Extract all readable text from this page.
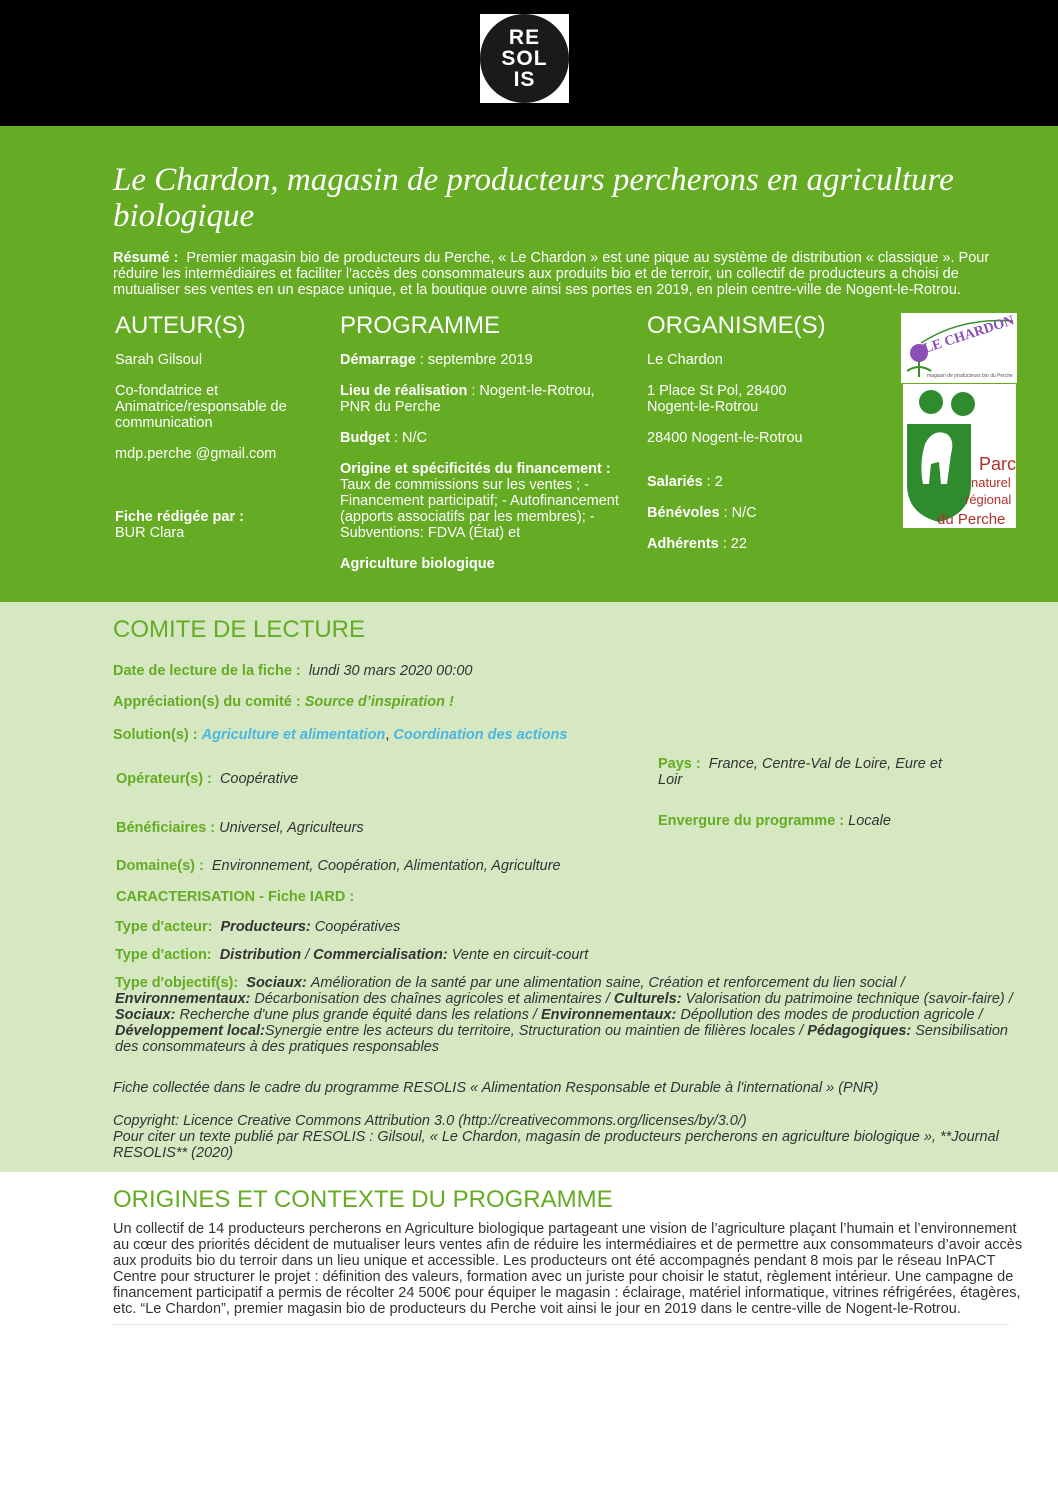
RE
SOL
IS
Le Chardon, magasin de producteurs percherons en agriculture biologique
Résumé : Premier magasin bio de producteurs du Perche, « Le Chardon » est une pique au système de distribution « classique ». Pour réduire les intermédiaires et faciliter l'accès des consommateurs aux produits bio et de terroir, un collectif de producteurs a choisi de mutualiser ses ventes en un espace unique, et la boutique ouvre ainsi ses portes en 2019, en plein centre-ville de Nogent-le-Rotrou.
AUTEUR(S)

Sarah Gilsoul

Co-fondatrice et Animatrice/responsable de communication

mdp.perche @gmail.com

Fiche rédigée par :
BUR Clara

PROGRAMME

Démarrage : septembre 2019

Lieu de réalisation : Nogent-le-Rotrou, PNR du Perche

Budget : N/C

Origine et spécificités du financement :
Taux de commissions sur les ventes ; - Financement participatif; - Autofinancement (apports associatifs par les membres); - Subventions: FDVA (État) et

Agriculture biologique

ORGANISME(S)

Le Chardon

1 Place St Pol, 28400 Nogent-le-Rotrou

28400 Nogent-le-Rotrou

Salariés : 2

Bénévoles : N/C

Adhérents : 22

LE CHARDON
magasin de producteurs bio du Perche
Parc
naturel
régional
du Perche
COMITE DE LECTURE
Date de lecture de la fiche : lundi 30 mars 2020 00:00
Appréciation(s) du comité : Source d’inspiration !
Solution(s) : Agriculture et alimentation, Coordination des actions
Opérateur(s) : Coopérative
Pays : France, Centre-Val de Loire, Eure et Loir
Bénéficiaires : Universel, Agriculteurs	Envergure du programme : Locale
Domaine(s) : Environnement, Coopération, Alimentation, Agriculture
CARACTERISATION - Fiche IARD :
Type d'acteur: Producteurs: Coopératives
Type d'action: Distribution / Commercialisation: Vente en circuit-court
Type d'objectif(s): Sociaux: Amélioration de la santé par une alimentation saine, Création et renforcement du lien social / Environnementaux: Décarbonisation des chaînes agricoles et alimentaires / Culturels: Valorisation du patrimoine technique (savoir-faire) / Sociaux: Recherche d'une plus grande équité dans les relations / Environnementaux: Dépollution des modes de production agricole / Développement local:Synergie entre les acteurs du territoire, Structuration ou maintien de filières locales / Pédagogiques: Sensibilisation des consommateurs à des pratiques responsables
Fiche collectée dans le cadre du programme RESOLIS « Alimentation Responsable et Durable à l'international » (PNR)
Copyright: Licence Creative Commons Attribution 3.0 (http://creativecommons.org/licenses/by/3.0/)
Pour citer un texte publié par RESOLIS : Gilsoul, « Le Chardon, magasin de producteurs percherons en agriculture biologique », **Journal RESOLIS** (2020)
ORIGINES ET CONTEXTE DU PROGRAMME
Un collectif de 14 producteurs percherons en Agriculture biologique partageant une vision de l’agriculture plaçant l’humain et l’environnement au cœur des priorités décident de mutualiser leurs ventes afin de réduire les intermédiaires et de permettre aux consommateurs d’avoir accès aux produits bio du terroir dans un lieu unique et accessible. Les producteurs ont été accompagnés pendant 8 mois par le réseau InPACT Centre pour structurer le projet : définition des valeurs, formation avec un juriste pour choisir le statut, règlement intérieur. Une campagne de financement participatif a permis de récolter 24 500€ pour équiper le magasin : éclairage, matériel informatique, vitrines réfrigérées, étagères, etc. “Le Chardon”, premier magasin bio de producteurs du Perche voit ainsi le jour en 2019 dans le centre-ville de Nogent-le-Rotrou.
